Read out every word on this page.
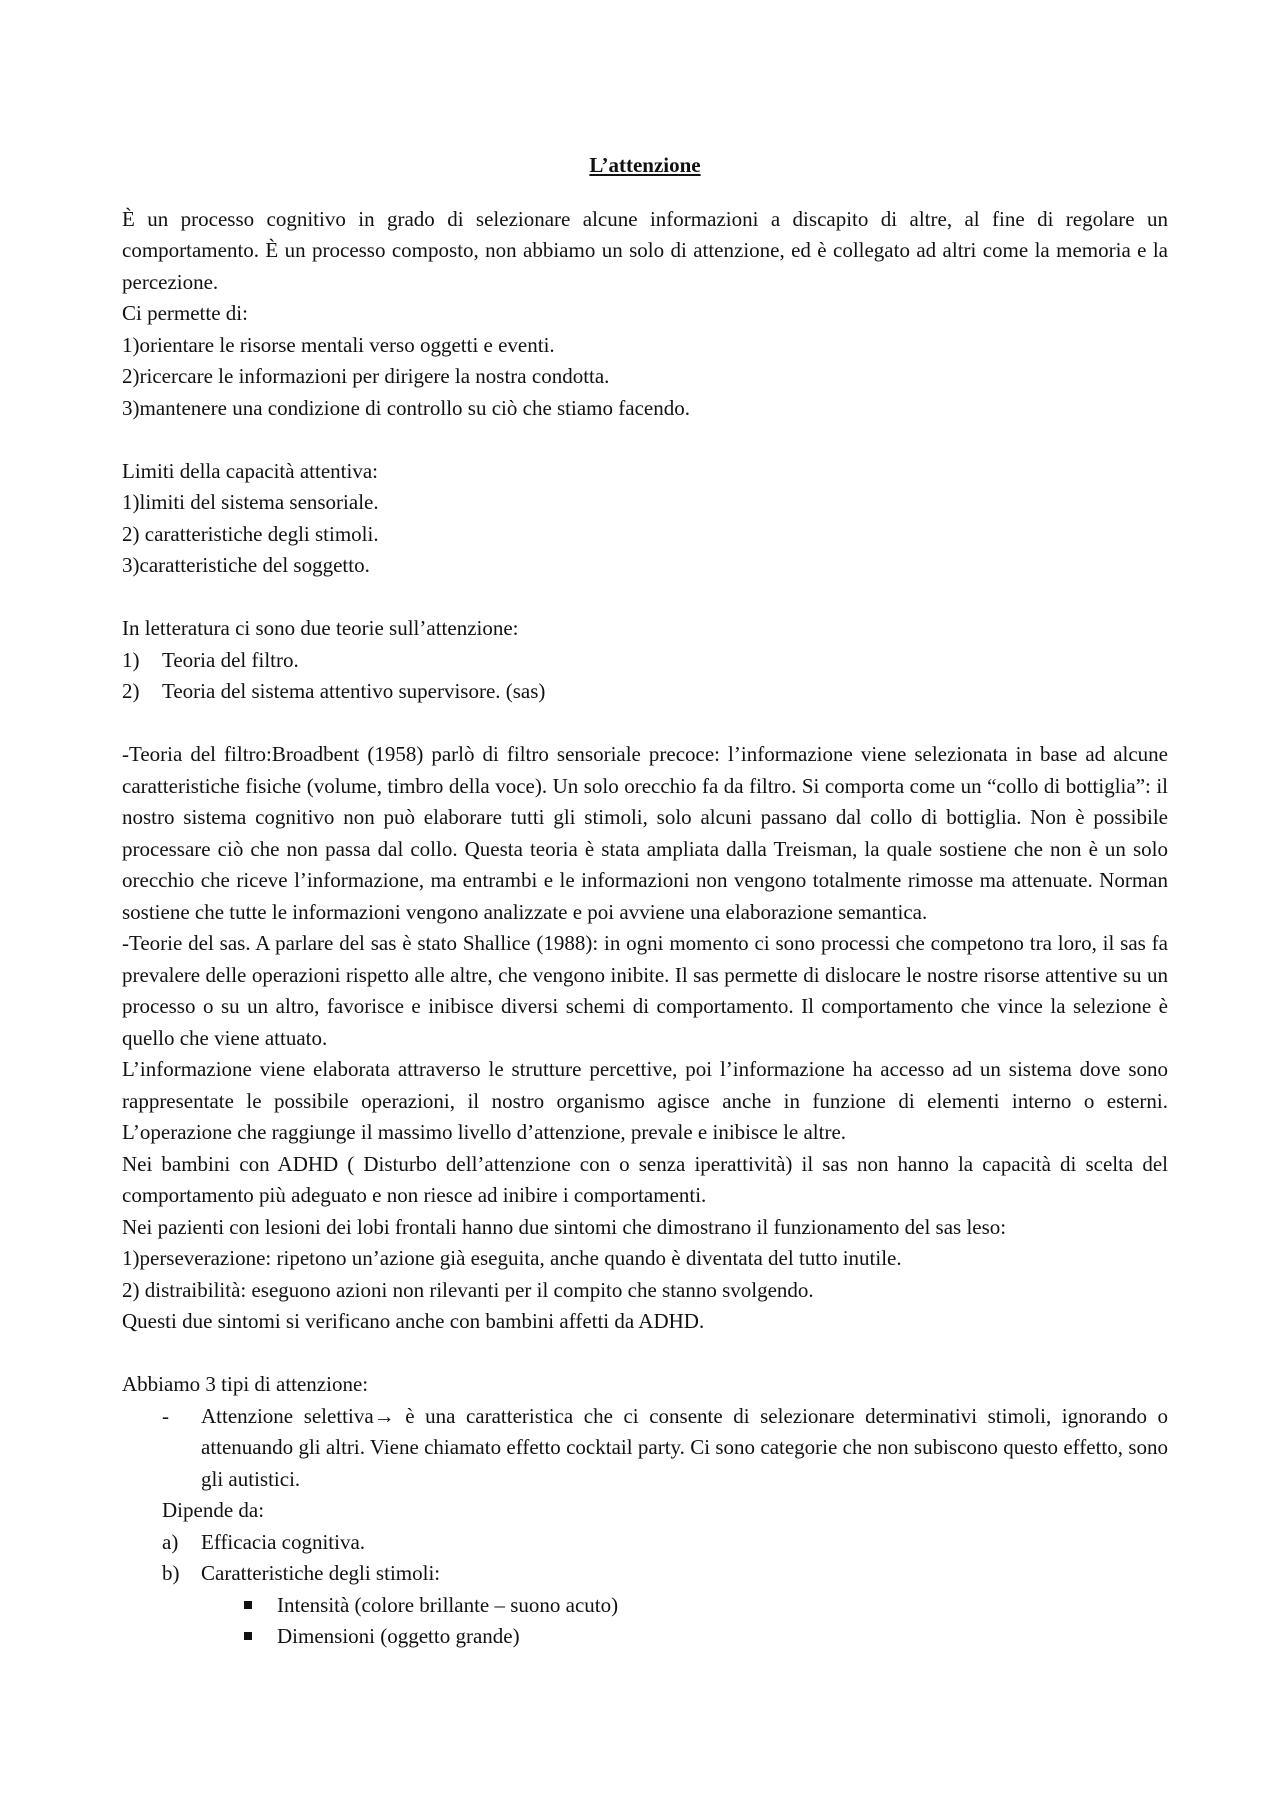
L’attenzione

È un processo cognitivo in grado di selezionare alcune informazioni a discapito di altre, al fine di regolare un comportamento. È un processo composto, non abbiamo un solo di attenzione, ed è collegato ad altri come la memoria e la percezione.

Ci permette di:

1)orientare le risorse mentali verso oggetti e eventi.

2)ricercare le informazioni per dirigere la nostra condotta.

3)mantenere una condizione di controllo su ciò che stiamo facendo.

Limiti della capacità attentiva:

1)limiti del sistema sensoriale.

2) caratteristiche degli stimoli.

3)caratteristiche del soggetto.

In letteratura ci sono due teorie sull’attenzione:

1)	Teoria del filtro.
2)	Teoria del sistema attentivo supervisore. (sas)

-Teoria del filtro:Broadbent (1958) parlò di filtro sensoriale precoce: l’informazione viene selezionata in base ad alcune caratteristiche fisiche (volume, timbro della voce). Un solo orecchio fa da filtro. Si comporta come un “collo di bottiglia”: il nostro sistema cognitivo non può elaborare tutti gli stimoli, solo alcuni passano dal collo di bottiglia. Non è possibile processare ciò che non passa dal collo. Questa teoria è stata ampliata dalla Treisman, la quale sostiene che non è un solo orecchio che riceve l’informazione, ma entrambi e le informazioni non vengono totalmente rimosse ma attenuate. Norman sostiene che tutte le informazioni vengono analizzate e poi avviene una elaborazione semantica.

-Teorie del sas. A parlare del sas è stato Shallice (1988): in ogni momento ci sono processi che competono tra loro, il sas fa prevalere delle operazioni rispetto alle altre, che vengono inibite. Il sas permette di dislocare le nostre risorse attentive su un processo o su un altro, favorisce e inibisce diversi schemi di comportamento. Il comportamento che vince la selezione è quello che viene attuato.

L’informazione viene elaborata attraverso le strutture percettive, poi l’informazione ha accesso ad un sistema dove sono rappresentate le possibile operazioni, il nostro organismo agisce anche in funzione di elementi interno o esterni. L’operazione che raggiunge il massimo livello d’attenzione, prevale e inibisce le altre.

Nei bambini con ADHD ( Disturbo dell’attenzione con o senza iperattività) il sas non hanno la capacità di scelta del comportamento più adeguato e non riesce ad inibire i comportamenti.

Nei pazienti con lesioni dei lobi frontali hanno due sintomi che dimostrano il funzionamento del sas leso:

1)perseverazione: ripetono un’azione già eseguita, anche quando è diventata del tutto inutile.

2) distraibilità: eseguono azioni non rilevanti per il compito che stanno svolgendo.

Questi due sintomi si verificano anche con bambini affetti da ADHD.

Abbiamo 3 tipi di attenzione:

-	Attenzione selettiva→ è una caratteristica che ci consente di selezionare determinativi stimoli, ignorando o attenuando gli altri. Viene chiamato effetto cocktail party. Ci sono categorie che non subiscono questo effetto, sono gli autistici.

Dipende da:

a)	Efficacia cognitiva.
b)	Caratteristiche degli stimoli:
Intensità (colore brillante – suono acuto)
Dimensioni (oggetto grande)
